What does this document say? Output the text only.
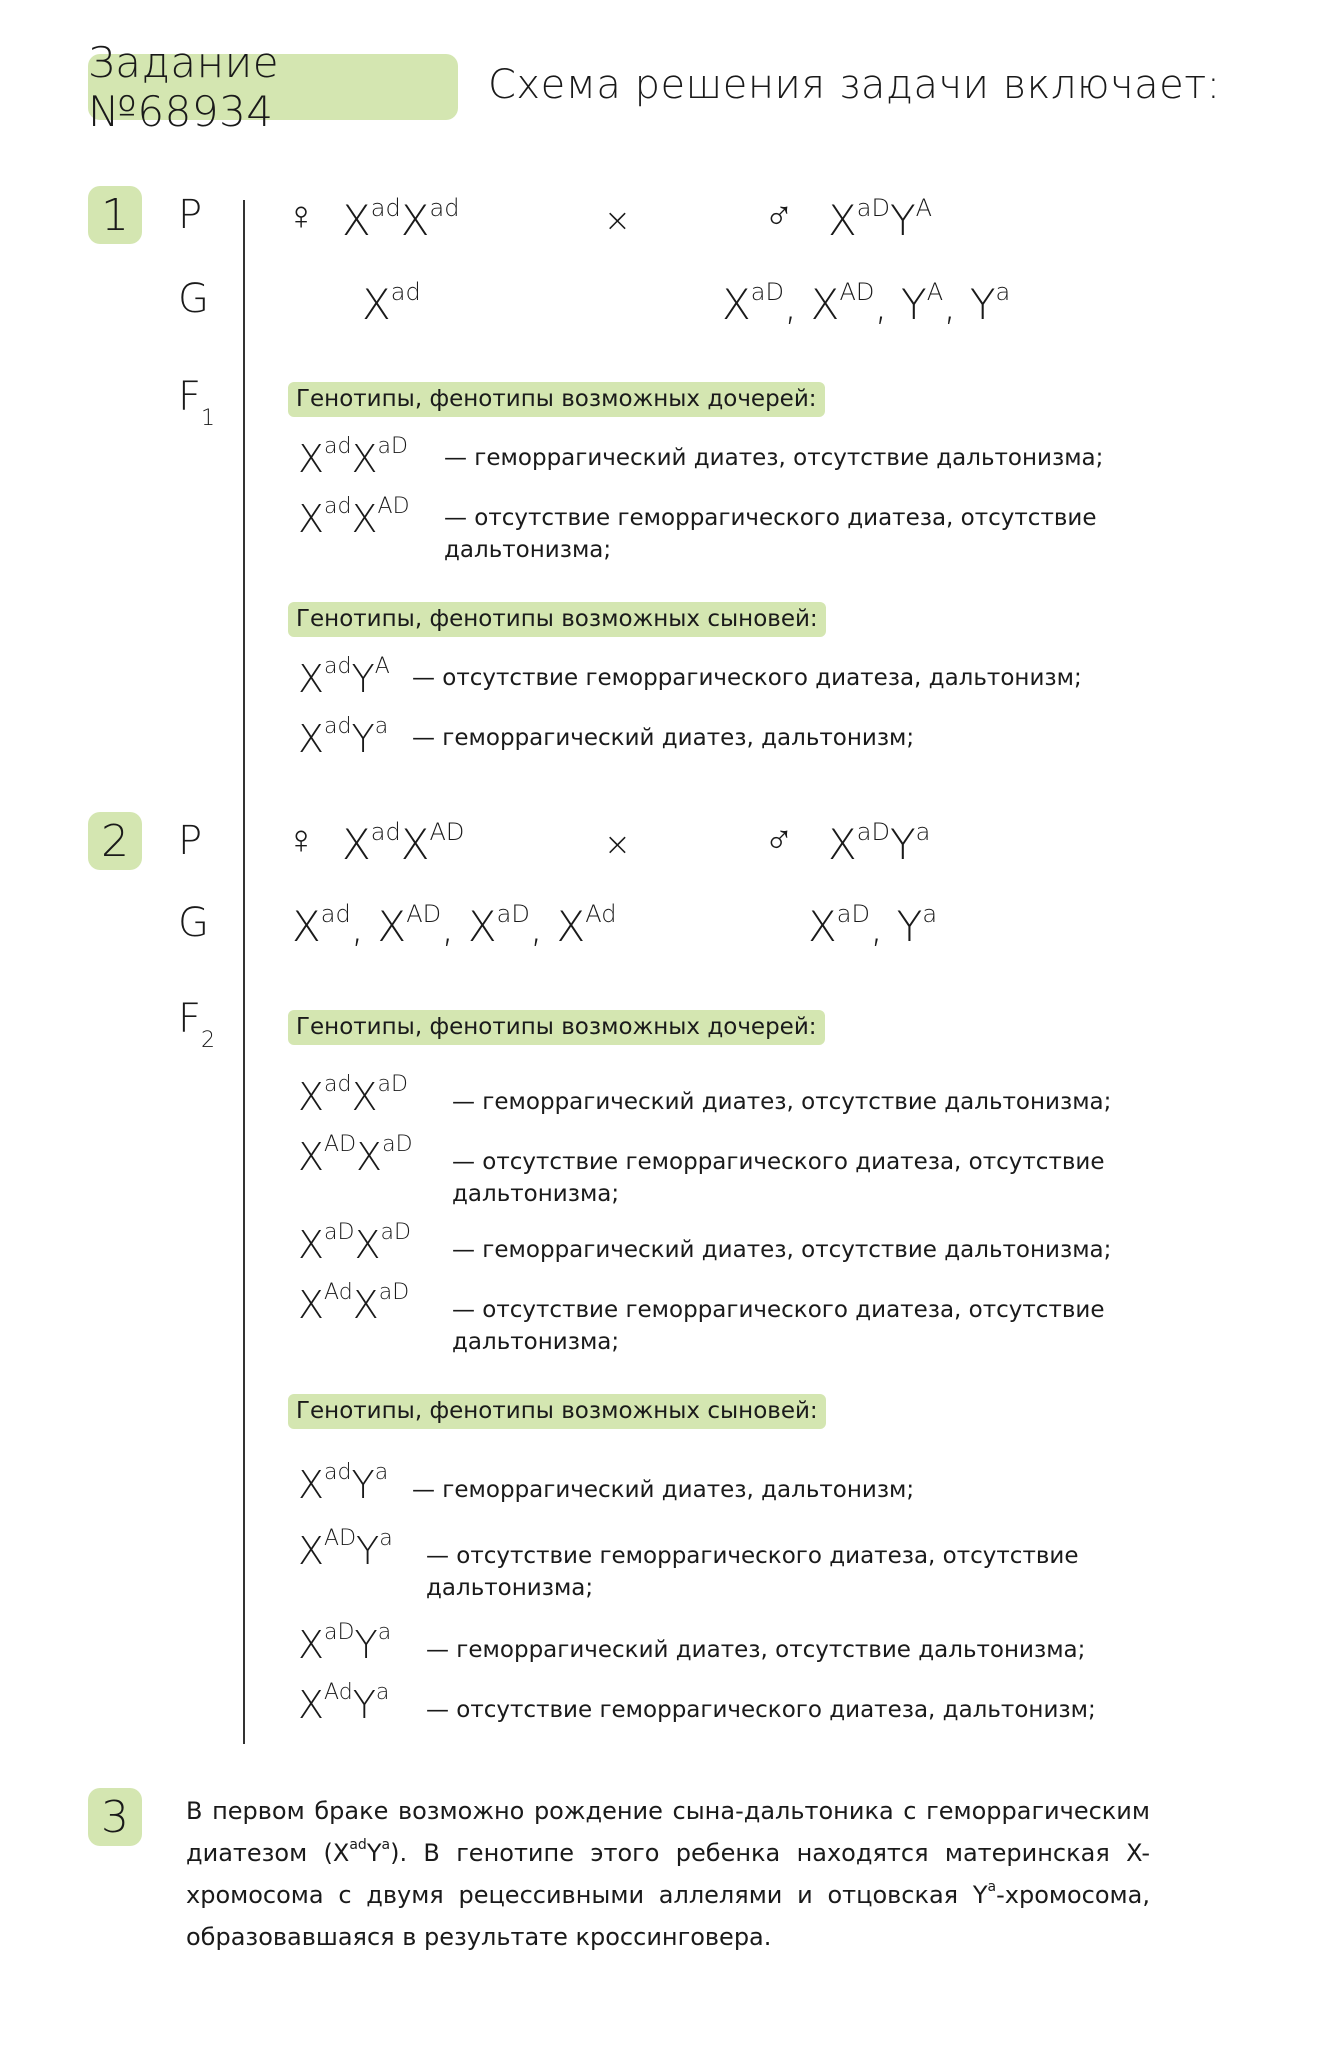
Задание №68934
Схема решения задачи включает:
1
2
3
P
G
$F_1$
♀ $X^{ad}X^{ad}$	×	♂ $X^{aD}Y^A$
$X^{ad}$	$X^{aD}$, $X^{AD}$, $Y^A$, $Y^a$
Генотипы, фенотипы возможных дочерей:
$X^{ad}X^{aD}$ — геморрагический диатез, отсутствие дальтонизма;
$X^{ad}X^{AD}$ — отсутствие геморрагического диатеза, отсутствие
дальтонизма;
Генотипы, фенотипы возможных сыновей:
$X^{ad}Y^A$ — отсутствие геморрагического диатеза, дальтонизм;
$X^{ad}Y^a$ — геморрагический диатез, дальтонизм;
P
G
$F_2$
♀ $X^{ad}X^{AD}$	×	♂ $X^{aD}Y^a$
$X^{ad}$, $X^{AD}$, $X^{aD}$, $X^{Ad}$	$X^{aD}$, $Y^a$
Генотипы, фенотипы возможных дочерей:
$X^{ad}X^{aD}$
— геморрагический диатез, отсутствие дальтонизма;
$X^{AD}X^{aD}$
— отсутствие геморрагического диатеза, отсутствие
дальтонизма;
$X^{aD}X^{aD}$
— геморрагический диатез, отсутствие дальтонизма;
$X^{Ad}X^{aD}$
— отсутствие геморрагического диатеза, отсутствие
дальтонизма;
Генотипы, фенотипы возможных сыновей:
$X^{ad}Y^a$
— геморрагический диатез, дальтонизм;
$X^{AD}Y^a$
— отсутствие геморрагического диатеза, отсутствие
дальтонизма;
$X^{aD}Y^a$
— геморрагический диатез, отсутствие дальтонизма;
$X^{Ad}Y^a$
— отсутствие геморрагического диатеза, дальтонизм;
В первом браке возможно рождение сына-дальтоника с геморрагическим диатезом $(X^{ad}Y^a)$. В генотипе этого ребенка находятся материнская X-хромосома с двумя рецессивными аллелями и отцовская $Y^a$-хромосома, образовавшаяся в результате кроссинговера.
